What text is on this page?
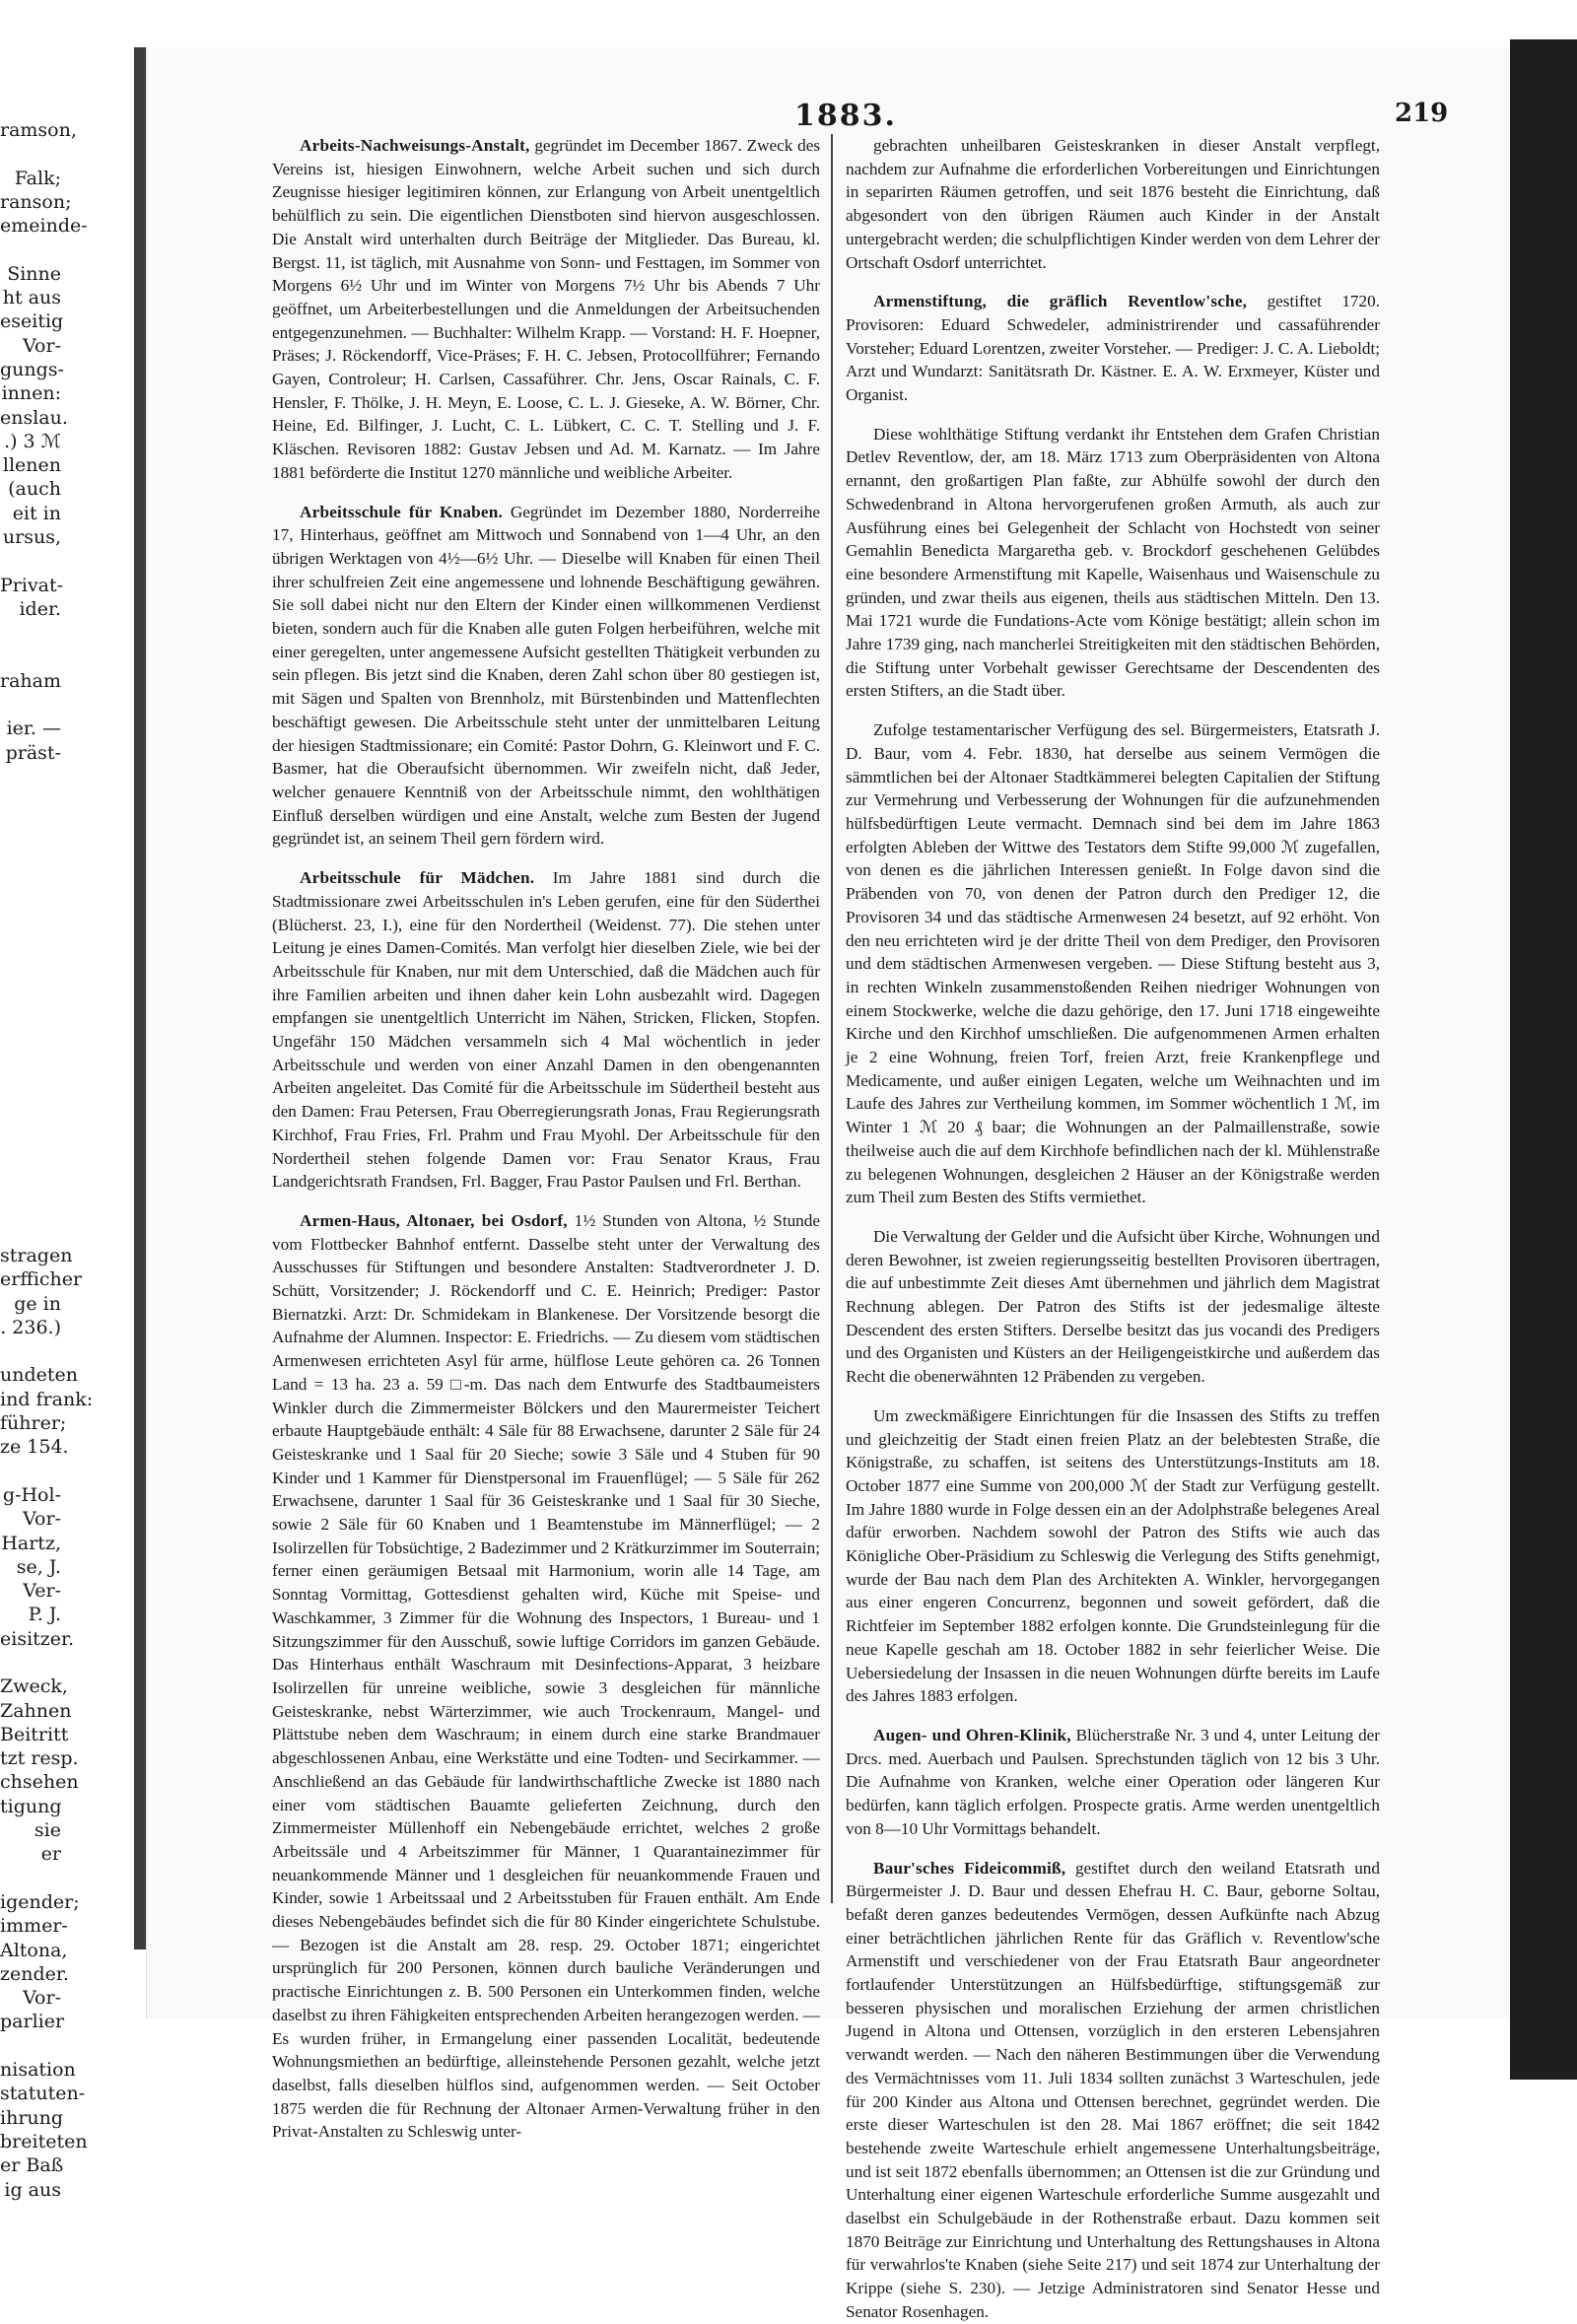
ramson,

Falk;
ranson;
emeinde-

Sinne
ht aus
eseitig
Vor-
gungs-
innen:
enslau.
.) 3 ℳ
llenen
(auch
eit in
ursus,

Privat-
ider.

raham

ier. —
präst-

stragen
erfficher
ge in
. 236.)

undeten
ind frank:
führer;
ze 154.

g-Hol-
Vor-
Hartz,
se, J.
Ver-
P. J.
eisitzer.

Zweck,
Zahnen
Beitritt
tzt resp.
chsehen
tigung
sie
er

igender;
immer-
Altona,
zender.
Vor-
parlier

nisation
statuten-
ihrung
breiteten
er Baß
ig aus
1883.	219

Arbeits-Nachweisungs-Anstalt, gegründet im December 1867. Zweck des Vereins ist, hiesigen Einwohnern, welche Arbeit suchen und sich durch Zeugnisse hiesiger legitimiren können, zur Erlangung von Arbeit unentgeltlich behülflich zu sein. Die eigentlichen Dienstboten sind hiervon ausgeschlossen. Die Anstalt wird unterhalten durch Beiträge der Mitglieder. Das Bureau, kl. Bergst. 11, ist täglich, mit Ausnahme von Sonn- und Festtagen, im Sommer von Morgens 6½ Uhr und im Winter von Morgens 7½ Uhr bis Abends 7 Uhr geöffnet, um Arbeiterbestellungen und die Anmeldungen der Arbeitsuchenden entgegenzunehmen. — Buchhalter: Wilhelm Krapp. — Vorstand: H. F. Hoepner, Präses; J. Röckendorff, Vice-Präses; F. H. C. Jebsen, Protocollführer; Fernando Gayen, Controleur; H. Carlsen, Cassaführer. Chr. Jens, Oscar Rainals, C. F. Hensler, F. Thölke, J. H. Meyn, E. Loose, C. L. J. Gieseke, A. W. Börner, Chr. Heine, Ed. Bilfinger, J. Lucht, C. L. Lübkert, C. C. T. Stelling und J. F. Kläschen. Revisoren 1882: Gustav Jebsen und Ad. M. Karnatz. — Im Jahre 1881 beförderte die Institut 1270 männliche und weibliche Arbeiter.

Arbeitsschule für Knaben. Gegründet im Dezember 1880, Norderreihe 17, Hinterhaus, geöffnet am Mittwoch und Sonnabend von 1—4 Uhr, an den übrigen Werktagen von 4½—6½ Uhr. — Dieselbe will Knaben für einen Theil ihrer schulfreien Zeit eine angemessene und lohnende Beschäftigung gewähren. Sie soll dabei nicht nur den Eltern der Kinder einen willkommenen Verdienst bieten, sondern auch für die Knaben alle guten Folgen herbeiführen, welche mit einer geregelten, unter angemessene Aufsicht gestellten Thätigkeit verbunden zu sein pflegen. Bis jetzt sind die Knaben, deren Zahl schon über 80 gestiegen ist, mit Sägen und Spalten von Brennholz, mit Bürstenbinden und Mattenflechten beschäftigt gewesen. Die Arbeitsschule steht unter der unmittelbaren Leitung der hiesigen Stadtmissionare; ein Comité: Pastor Dohrn, G. Kleinwort und F. C. Basmer, hat die Oberaufsicht übernommen. Wir zweifeln nicht, daß Jeder, welcher genauere Kenntniß von der Arbeitsschule nimmt, den wohlthätigen Einfluß derselben würdigen und eine Anstalt, welche zum Besten der Jugend gegründet ist, an seinem Theil gern fördern wird.

Arbeitsschule für Mädchen. Im Jahre 1881 sind durch die Stadtmissionare zwei Arbeitsschulen in's Leben gerufen, eine für den Süderthei (Blücherst. 23, I.), eine für den Nordertheil (Weidenst. 77). Die stehen unter Leitung je eines Damen-Comités. Man verfolgt hier dieselben Ziele, wie bei der Arbeitsschule für Knaben, nur mit dem Unterschied, daß die Mädchen auch für ihre Familien arbeiten und ihnen daher kein Lohn ausbezahlt wird. Dagegen empfangen sie unentgeltlich Unterricht im Nähen, Stricken, Flicken, Stopfen. Ungefähr 150 Mädchen versammeln sich 4 Mal wöchentlich in jeder Arbeitsschule und werden von einer Anzahl Damen in den obengenannten Arbeiten angeleitet. Das Comité für die Arbeitsschule im Südertheil besteht aus den Damen: Frau Petersen, Frau Oberregierungsrath Jonas, Frau Regierungsrath Kirchhof, Frau Fries, Frl. Prahm und Frau Myohl. Der Arbeitsschule für den Nordertheil stehen folgende Damen vor: Frau Senator Kraus, Frau Landgerichtsrath Frandsen, Frl. Bagger, Frau Pastor Paulsen und Frl. Berthan.

Armen-Haus, Altonaer, bei Osdorf, 1½ Stunden von Altona, ½ Stunde vom Flottbecker Bahnhof entfernt. Dasselbe steht unter der Verwaltung des Ausschusses für Stiftungen und besondere Anstalten: Stadtverordneter J. D. Schütt, Vorsitzender; J. Röckendorff und C. E. Heinrich; Prediger: Pastor Biernatzki. Arzt: Dr. Schmidekam in Blankenese. Der Vorsitzende besorgt die Aufnahme der Alumnen. Inspector: E. Friedrichs. — Zu diesem vom städtischen Armenwesen errichteten Asyl für arme, hülflose Leute gehören ca. 26 Tonnen Land = 13 ha. 23 a. 59 □-m. Das nach dem Entwurfe des Stadtbaumeisters Winkler durch die Zimmermeister Bölckers und den Maurermeister Teichert erbaute Hauptgebäude enthält: 4 Säle für 88 Erwachsene, darunter 2 Säle für 24 Geisteskranke und 1 Saal für 20 Sieche; sowie 3 Säle und 4 Stuben für 90 Kinder und 1 Kammer für Dienstpersonal im Frauenflügel; — 5 Säle für 262 Erwachsene, darunter 1 Saal für 36 Geisteskranke und 1 Saal für 30 Sieche, sowie 2 Säle für 60 Knaben und 1 Beamtenstube im Männerflügel; — 2 Isolirzellen für Tobsüchtige, 2 Badezimmer und 2 Krätkurzimmer im Souterrain; ferner einen geräumigen Betsaal mit Harmonium, worin alle 14 Tage, am Sonntag Vormittag, Gottesdienst gehalten wird, Küche mit Speise- und Waschkammer, 3 Zimmer für die Wohnung des Inspectors, 1 Bureau- und 1 Sitzungszimmer für den Ausschuß, sowie luftige Corridors im ganzen Gebäude. Das Hinterhaus enthält Waschraum mit Desinfections-Apparat, 3 heizbare Isolirzellen für unreine weibliche, sowie 3 desgleichen für männliche Geisteskranke, nebst Wärterzimmer, wie auch Trockenraum, Mangel- und Plättstube neben dem Waschraum; in einem durch eine starke Brandmauer abgeschlossenen Anbau, eine Werkstätte und eine Todten- und Secirkammer. — Anschließend an das Gebäude für landwirthschaftliche Zwecke ist 1880 nach einer vom städtischen Bauamte gelieferten Zeichnung, durch den Zimmermeister Müllenhoff ein Nebengebäude errichtet, welches 2 große Arbeitssäle und 4 Arbeitszimmer für Männer, 1 Quarantainezimmer für neuankommende Männer und 1 desgleichen für neuankommende Frauen und Kinder, sowie 1 Arbeitssaal und 2 Arbeitsstuben für Frauen enthält. Am Ende dieses Nebengebäudes befindet sich die für 80 Kinder eingerichtete Schulstube. — Bezogen ist die Anstalt am 28. resp. 29. October 1871; eingerichtet ursprünglich für 200 Personen, können durch bauliche Veränderungen und practische Einrichtungen z. B. 500 Personen ein Unterkommen finden, welche daselbst zu ihren Fähigkeiten entsprechenden Arbeiten herangezogen werden. — Es wurden früher, in Ermangelung einer passenden Localität, bedeutende Wohnungsmiethen an bedürftige, alleinstehende Personen gezahlt, welche jetzt daselbst, falls dieselben hülflos sind, aufgenommen werden. — Seit October 1875 werden die für Rechnung der Altonaer Armen-Verwaltung früher in den Privat-Anstalten zu Schleswig unter-

gebrachten unheilbaren Geisteskranken in dieser Anstalt verpflegt, nachdem zur Aufnahme die erforderlichen Vorbereitungen und Einrichtungen in separirten Räumen getroffen, und seit 1876 besteht die Einrichtung, daß abgesondert von den übrigen Räumen auch Kinder in der Anstalt untergebracht werden; die schulpflichtigen Kinder werden von dem Lehrer der Ortschaft Osdorf unterrichtet.

Armenstiftung, die gräflich Reventlow'sche, gestiftet 1720. Provisoren: Eduard Schwedeler, administrirender und cassaführender Vorsteher; Eduard Lorentzen, zweiter Vorsteher. — Prediger: J. C. A. Lieboldt; Arzt und Wundarzt: Sanitätsrath Dr. Kästner. E. A. W. Erxmeyer, Küster und Organist.

Diese wohlthätige Stiftung verdankt ihr Entstehen dem Grafen Christian Detlev Reventlow, der, am 18. März 1713 zum Oberpräsidenten von Altona ernannt, den großartigen Plan faßte, zur Abhülfe sowohl der durch den Schwedenbrand in Altona hervorgerufenen großen Armuth, als auch zur Ausführung eines bei Gelegenheit der Schlacht von Hochstedt von seiner Gemahlin Benedicta Margaretha geb. v. Brockdorf geschehenen Gelübdes eine besondere Armenstiftung mit Kapelle, Waisenhaus und Waisenschule zu gründen, und zwar theils aus eigenen, theils aus städtischen Mitteln. Den 13. Mai 1721 wurde die Fundations-Acte vom Könige bestätigt; allein schon im Jahre 1739 ging, nach mancherlei Streitigkeiten mit den städtischen Behörden, die Stiftung unter Vorbehalt gewisser Gerechtsame der Descendenten des ersten Stifters, an die Stadt über.

Zufolge testamentarischer Verfügung des sel. Bürgermeisters, Etatsrath J. D. Baur, vom 4. Febr. 1830, hat derselbe aus seinem Vermögen die sämmtlichen bei der Altonaer Stadtkämmerei belegten Capitalien der Stiftung zur Vermehrung und Verbesserung der Wohnungen für die aufzunehmenden hülfsbedürftigen Leute vermacht. Demnach sind bei dem im Jahre 1863 erfolgten Ableben der Wittwe des Testators dem Stifte 99,000 ℳ zugefallen, von denen es die jährlichen Interessen genießt. In Folge davon sind die Präbenden von 70, von denen der Patron durch den Prediger 12, die Provisoren 34 und das städtische Armenwesen 24 besetzt, auf 92 erhöht. Von den neu errichteten wird je der dritte Theil von dem Prediger, den Provisoren und dem städtischen Armenwesen vergeben. — Diese Stiftung besteht aus 3, in rechten Winkeln zusammenstoßenden Reihen niedriger Wohnungen von einem Stockwerke, welche die dazu gehörige, den 17. Juni 1718 eingeweihte Kirche und den Kirchhof umschließen. Die aufgenommenen Armen erhalten je 2 eine Wohnung, freien Torf, freien Arzt, freie Krankenpflege und Medicamente, und außer einigen Legaten, welche um Weihnachten und im Laufe des Jahres zur Vertheilung kommen, im Sommer wöchentlich 1 ℳ, im Winter 1 ℳ 20 ₰ baar; die Wohnungen an der Palmaillenstraße, sowie theilweise auch die auf dem Kirchhofe befindlichen nach der kl. Mühlenstraße zu belegenen Wohnungen, desgleichen 2 Häuser an der Königstraße werden zum Theil zum Besten des Stifts vermiethet.

Die Verwaltung der Gelder und die Aufsicht über Kirche, Wohnungen und deren Bewohner, ist zweien regierungsseitig bestellten Provisoren übertragen, die auf unbestimmte Zeit dieses Amt übernehmen und jährlich dem Magistrat Rechnung ablegen. Der Patron des Stifts ist der jedesmalige älteste Descendent des ersten Stifters. Derselbe besitzt das jus vocandi des Predigers und des Organisten und Küsters an der Heiligengeistkirche und außerdem das Recht die obenerwähnten 12 Präbenden zu vergeben.

Um zweckmäßigere Einrichtungen für die Insassen des Stifts zu treffen und gleichzeitig der Stadt einen freien Platz an der belebtesten Straße, die Königstraße, zu schaffen, ist seitens des Unterstützungs-Instituts am 18. October 1877 eine Summe von 200,000 ℳ der Stadt zur Verfügung gestellt. Im Jahre 1880 wurde in Folge dessen ein an der Adolphstraße belegenes Areal dafür erworben. Nachdem sowohl der Patron des Stifts wie auch das Königliche Ober-Präsidium zu Schleswig die Verlegung des Stifts genehmigt, wurde der Bau nach dem Plan des Architekten A. Winkler, hervorgegangen aus einer engeren Concurrenz, begonnen und soweit gefördert, daß die Richtfeier im September 1882 erfolgen konnte. Die Grundsteinlegung für die neue Kapelle geschah am 18. October 1882 in sehr feierlicher Weise. Die Uebersiedelung der Insassen in die neuen Wohnungen dürfte bereits im Laufe des Jahres 1883 erfolgen.

Augen- und Ohren-Klinik, Blücherstraße Nr. 3 und 4, unter Leitung der Drcs. med. Auerbach und Paulsen. Sprechstunden täglich von 12 bis 3 Uhr. Die Aufnahme von Kranken, welche einer Operation oder längeren Kur bedürfen, kann täglich erfolgen. Prospecte gratis. Arme werden unentgeltlich von 8—10 Uhr Vormittags behandelt.

Baur'sches Fideicommiß, gestiftet durch den weiland Etatsrath und Bürgermeister J. D. Baur und dessen Ehefrau H. C. Baur, geborne Soltau, befaßt deren ganzes bedeutendes Vermögen, dessen Aufkünfte nach Abzug einer beträchtlichen jährlichen Rente für das Gräflich v. Reventlow'sche Armenstift und verschiedener von der Frau Etatsrath Baur angeordneter fortlaufender Unterstützungen an Hülfsbedürftige, stiftungsgemäß zur besseren physischen und moralischen Erziehung der armen christlichen Jugend in Altona und Ottensen, vorzüglich in den ersteren Lebensjahren verwandt werden. — Nach den näheren Bestimmungen über die Verwendung des Vermächtnisses vom 11. Juli 1834 sollten zunächst 3 Warteschulen, jede für 200 Kinder aus Altona und Ottensen berechnet, gegründet werden. Die erste dieser Warteschulen ist den 28. Mai 1867 eröffnet; die seit 1842 bestehende zweite Warteschule erhielt angemessene Unterhaltungsbeiträge, und ist seit 1872 ebenfalls übernommen; an Ottensen ist die zur Gründung und Unterhaltung einer eigenen Warteschule erforderliche Summe ausgezahlt und daselbst ein Schulgebäude in der Rothenstraße erbaut. Dazu kommen seit 1870 Beiträge zur Einrichtung und Unterhaltung des Rettungshauses in Altona für verwahrlos'te Knaben (siehe Seite 217) und seit 1874 zur Unterhaltung der Krippe (siehe S. 230). — Jetzige Administratoren sind Senator Hesse und Senator Rosenhagen.
